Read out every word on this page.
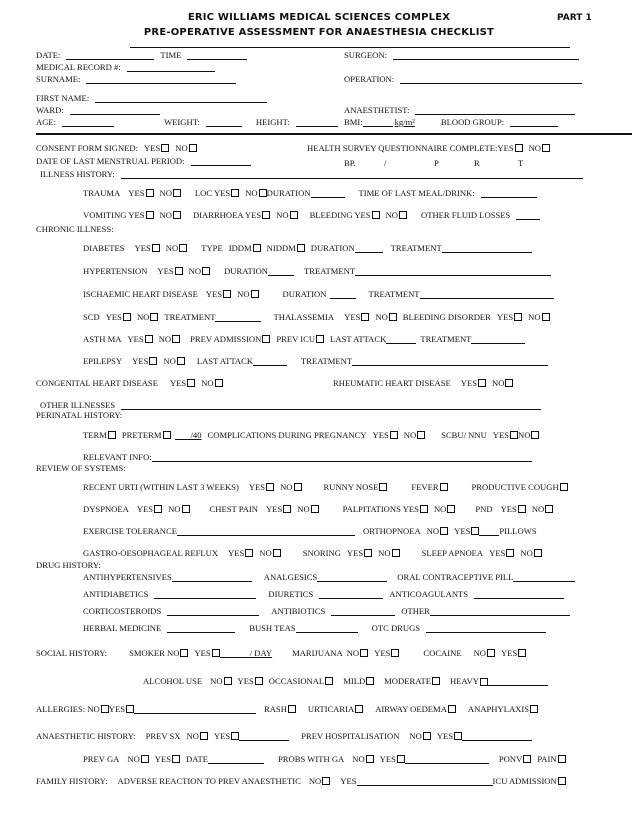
ERIC WILLIAMS MEDICAL SCIENCES COMPLEX	PART 1
PRE-OPERATIVE ASSESSMENT FOR ANAESTHESIA CHECKLIST
DATE:	TIME	SURGEON:
MEDICAL RECORD #:
SURNAME:	OPERATION:
FIRST NAME:
WARD:	ANAESTHETIST:
AGE:	WEIGHT:	HEIGHT:	BMI:	kg/m²	BLOOD GROUP:
CONSENT FORM SIGNED: YES	NO	HEALTH SURVEY QUESTIONNAIRE COMPLETE:YES	NO
DATE OF LAST MENSTRUAL PERIOD:	BP.	/	P	R	T
ILLNESS HISTORY:
TRAUMA YES	NO	LOC YES	NO	DURATION	TIME OF LAST MEAL/DRINK:
VOMITING YES	NO	DIARRHOEA YES	NO	BLEEDING YES	NO	OTHER FLUID LOSSES
CHRONIC ILLNESS:
DIABETES YES	NO	TYPE IDDM	NIDDM	DURATION	TREATMENT
HYPERTENSION YES	NO	DURATION	TREATMENT
ISCHAEMIC HEART DISEASE YES	NO	DURATION	TREATMENT
SCD YES	NO	TREATMENT	THALASSEMIA YES	NO	BLEEDING DISORDER YES	NO
ASTH MA YES	NO	PREV ADMISSION	PREV ICU	LAST ATTACK	TREATMENT
EPILEPSY YES	NO	LAST ATTACK	TREATMENT
CONGENITAL HEART DISEASE YES	NO	RHEUMATIC HEART DISEASE YES	NO
OTHER ILLNESSES
PERINATAL HISTORY:
TERM	PRETERM	/40 COMPLICATIONS DURING PREGNANCY YES	NO	SCBU/ NNU YES	NO
RELEVANT INFO:
REVIEW OF SYSTEMS:
RECENT URTI (WITHIN LAST 3 WEEKS) YES	NO	RUNNY NOSE	FEVER	PRODUCTIVE COUGH
DYSPNOEA YES	NO	CHEST PAIN YES	NO	PALPITATIONS YES	NO	PND YES	NO
EXERCISE TOLERANCE	ORTHOPNOEA NO	YES	PILLOWS
GASTRO-OESOPHAGEAL REFLUX YES	NO	SNORING YES	NO	SLEEP APNOEA YES	NO
DRUG HISTORY:
ANTIHYPERTENSIVES	ANALGESICS	ORAL CONTRACEPTIVE PILL
ANTIDIABETICS	DIURETICS	ANTICOAGULANTS
CORTICOSTEROIDS	ANTIBIOTICS	OTHER
HERBAL MEDICINE	BUSH TEAS	OTC DRUGS
SOCIAL HISTORY:	SMOKER NO	YES	/ DAY MARIJUANA NO	YES	COCAINE NO	YES
ALCOHOL USE NO	YES	OCCASIONAL	MILD	MODERATE	HEAVY
ALLERGIES: NO	YES	RASH	URTICARIA	AIRWAY OEDEMA	ANAPHYLAXIS
ANAESTHETIC HISTORY: PREV SX NO	YES	PREV HOSPITALISATION NO	YES
PREV GA NO	YES	DATE	PROBS WITH GA NO	YES	PONV	PAIN
FAMILY HISTORY: ADVERSE REACTION TO PREV ANAESTHETIC NO	YES	ICU ADMISSION
